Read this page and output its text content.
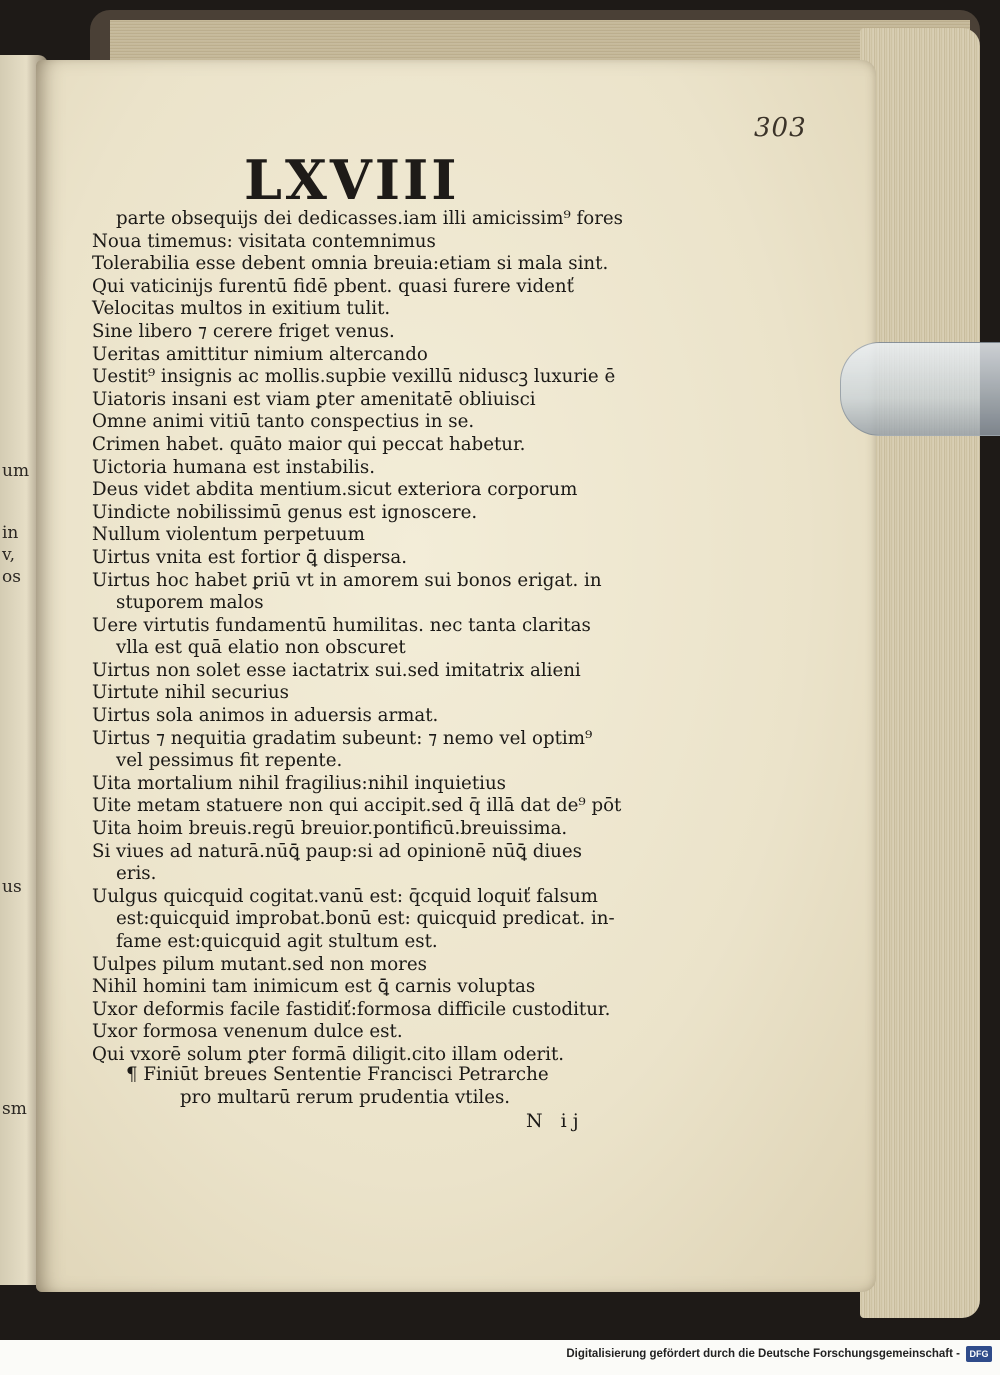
um
in
v,
os
us
sm
303
LXVIII
parte obsequijs dei dedicasses.iam illi amicissim⁹ fores
Noua timemus: visitata contemnimus
Tolerabilia esse debent omnia breuia:etiam si mala sint.
Qui vaticinijs furentū fidē pbent. quasi furere videnť
Velocitas multos in exitium tulit.
Sine libero ⁊ cerere friget venus.
Ueritas amittitur nimium altercando
Uestit⁹ insignis ac mollis.supbie vexillū niduscꝫ luxurie ē
Uiatoris insani est viam ꝑter amenitatē obliuisci
Omne animi vitiū tanto conspectius in se.
Crimen habet. quāto maior qui peccat habetur.
Uictoria humana est instabilis.
Deus videt abdita mentium.sicut exteriora corporum
Uindicte nobilissimū genus est ignoscere.
Nullum violentum perpetuum
Uirtus vnita est fortior ꝗ̄ dispersa.
Uirtus hoc habet ꝑriū vt in amorem sui bonos erigat. in
stuporem malos
Uere virtutis fundamentū humilitas. nec tanta claritas
vlla est quā elatio non obscuret
Uirtus non solet esse iactatrix sui.sed imitatrix alieni
Uirtute nihil securius
Uirtus sola animos in aduersis armat.
Uirtus ⁊ nequitia gradatim subeunt: ⁊ nemo vel optim⁹
vel pessimus fit repente.
Uita mortalium nihil fragilius:nihil inquietius
Uite metam statuere non qui accipit.sed q̄ illā dat de⁹ pōt
Uita hoim breuis.regū breuior.pontificū.breuissima.
Si viues ad naturā.nūꝗ̄ paup:si ad opinionē nūꝗ̄ diues
eris.
Uulgus quicquid cogitat.vanū est: q̄cquid loquiť falsum
est:quicquid improbat.bonū est: quicquid predicat. in-
fame est:quicquid agit stultum est.
Uulpes pilum mutant.sed non mores
Nihil homini tam inimicum est ꝗ̄ carnis voluptas
Uxor deformis facile fastidiť:formosa difficile custoditur.
Uxor formosa venenum dulce est.
Qui vxorē solum ꝑter formā diligit.cito illam oderit.
¶ Finiūt breues Sententie Francisci Petrarche
pro multarū rerum prudentia vtiles.
N ij
Digitalisierung gefördert durch die Deutsche Forschungsgemeinschaft -	DFG
